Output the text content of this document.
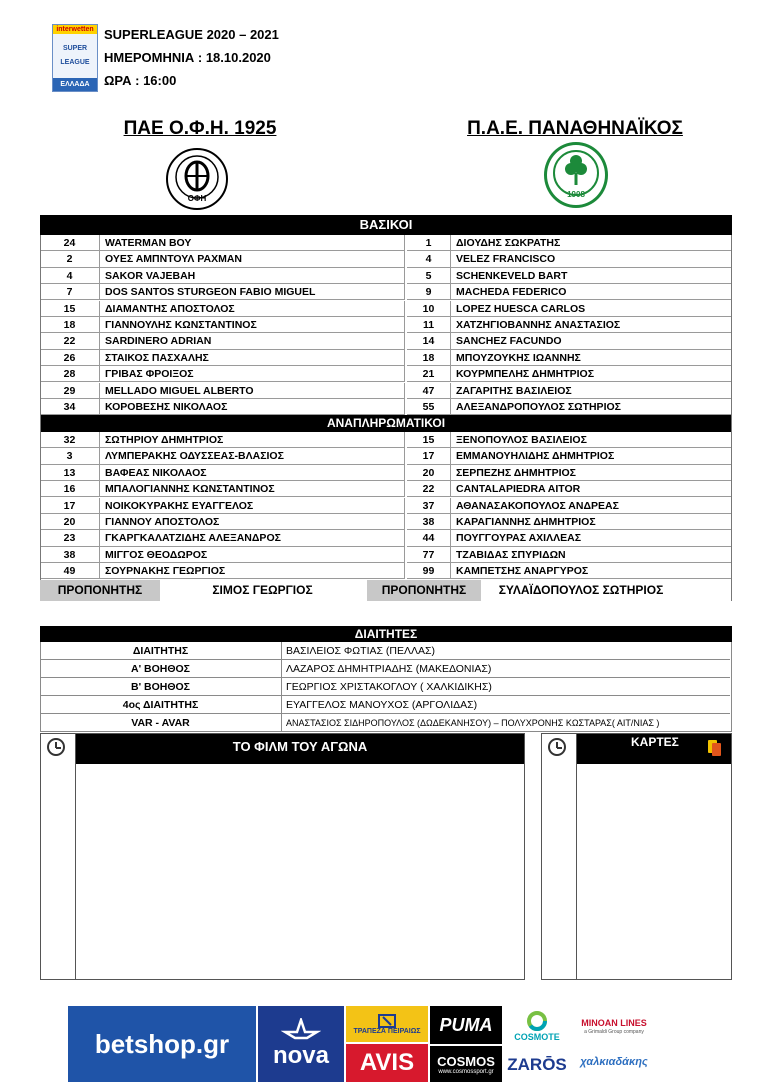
interwetten
SUPER
LEAGUE
ΕΛΛΑΔΑ
SUPERLEAGUE 2020 – 2021
ΗΜΕΡΟΜΗΝΙΑ : 18.10.2020
ΩΡΑ : 16:00
ΠΑΕ Ο.Φ.Η. 1925	Π.Α.Ε. ΠΑΝΑΘΗΝΑΪΚΟΣ
ΟΦΗ	1908
ΒΑΣΙΚΟΙ
24	WATERMAN ΒΟΥ	1	ΔΙΟΥΔΗΣ ΣΩΚΡΑΤΗΣ
2	ΟΥΕΣ ΑΜΠΝΤΟΥΛ ΡΑΧΜΑΝ	4	VELEZ FRANCISCO
4	SAKOR VAJEBAH	5	SCHENKEVELD BART
7	DOS SANTOS STURGEON FABIO MIGUEL	9	MACHEDA FEDERICO
15	ΔΙΑΜΑΝΤΗΣ ΑΠΟΣΤΟΛΟΣ	10	LOPEZ HUESCA CARLOS
18	ΓΙΑΝΝΟΥΛΗΣ ΚΩΝΣΤΑΝΤΙΝΟΣ	11	ΧΑΤΖΗΓΙΟΒΑΝΝΗΣ ΑΝΑΣΤΑΣΙΟΣ
22	SARDINERO ADRIAN	14	SANCHEZ FACUNDO
26	ΣΤΑΙΚΟΣ ΠΑΣΧΑΛΗΣ	18	ΜΠΟΥΖΟΥΚΗΣ ΙΩΑΝΝΗΣ
28	ΓΡΙΒΑΣ ΦΡΟΙΞΟΣ	21	ΚΟΥΡΜΠΕΛΗΣ ΔΗΜΗΤΡΙΟΣ
29	MELLADO MIGUEL ALBERTO	47	ΖΑΓΑΡΙΤΗΣ ΒΑΣΙΛΕΙΟΣ
34	ΚΟΡΟΒΕΣΗΣ ΝΙΚΟΛΑΟΣ	55	ΑΛΕΞΑΝΔΡΟΠΟΥΛΟΣ ΣΩΤΗΡΙΟΣ
ΑΝΑΠΛΗΡΩΜΑΤΙΚΟΙ
32	ΣΩΤΗΡΙΟΥ ΔΗΜΗΤΡΙΟΣ	15	ΞΕΝΟΠΟΥΛΟΣ ΒΑΣΙΛΕΙΟΣ
3	ΛΥΜΠΕΡΑΚΗΣ ΟΔΥΣΣΕΑΣ-ΒΛΑΣΙΟΣ	17	ΕΜΜΑΝΟΥΗΛΙΔΗΣ ΔΗΜΗΤΡΙΟΣ
13	ΒΑΦΕΑΣ ΝΙΚΟΛΑΟΣ	20	ΣΕΡΠΕΖΗΣ ΔΗΜΗΤΡΙΟΣ
16	ΜΠΑΛΟΓΙΑΝΝΗΣ ΚΩΝΣΤΑΝΤΙΝΟΣ	22	CANTALAPIEDRA AITOR
17	ΝΟΙΚΟΚΥΡΑΚΗΣ ΕΥΑΓΓΕΛΟΣ	37	ΑΘΑΝΑΣΑΚΟΠΟΥΛΟΣ ΑΝΔΡΕΑΣ
20	ΓΙΑΝΝΟΥ ΑΠΟΣΤΟΛΟΣ	38	ΚΑΡΑΓΙΑΝΝΗΣ ΔΗΜΗΤΡΙΟΣ
23	ΓΚΑΡΓΚΑΛΑΤΖΙΔΗΣ ΑΛΕΞΑΝΔΡΟΣ	44	ΠΟΥΓΓΟΥΡΑΣ ΑΧΙΛΛΕΑΣ
38	ΜΙΓΓΟΣ ΘΕΟΔΩΡΟΣ	77	ΤΖΑΒΙΔΑΣ ΣΠΥΡΙΔΩΝ
49	ΣΟΥΡΝΑΚΗΣ ΓΕΩΡΓΙΟΣ	99	ΚΑΜΠΕΤΣΗΣ ΑΝΑΡΓΥΡΟΣ
ΠΡΟΠΟΝΗΤΗΣ	ΣΙΜΟΣ ΓΕΩΡΓΙΟΣ	ΠΡΟΠΟΝΗΤΗΣ	ΣΥΛΑΪΔΟΠΟΥΛΟΣ ΣΩΤΗΡΙΟΣ
ΔΙΑΙΤΗΤΕΣ
ΔΙΑΙΤΗΤΗΣ	ΒΑΣΙΛΕΙΟΣ ΦΩΤΙΑΣ (ΠΕΛΛΑΣ)
Α' ΒΟΗΘΟΣ	ΛΑΖΑΡΟΣ ΔΗΜΗΤΡΙΑΔΗΣ (ΜΑΚΕΔΟΝΙΑΣ)
Β' ΒΟΗΘΟΣ	ΓΕΩΡΓΙΟΣ ΧΡΙΣΤΑΚΟΓΛΟΥ ( ΧΑΛΚΙΔΙΚΗΣ)
4ος ΔΙΑΙΤΗΤΗΣ	ΕΥΑΓΓΕΛΟΣ ΜΑΝΟΥΧΟΣ (ΑΡΓΟΛΙΔΑΣ)
VAR - AVAR	ΑΝΑΣΤΑΣΙΟΣ ΣΙΔΗΡΟΠΟΥΛΟΣ (ΔΩΔΕΚΑΝΗΣΟΥ) – ΠΟΛΥΧΡΟΝΗΣ ΚΩΣΤΑΡΑΣ( ΑΙΤ/ΝΙΑΣ )
ΤΟ ΦΙΛΜ ΤΟΥ ΑΓΩΝΑ	ΚΑΡΤΕΣ
betshop.gr	nova
ΤΡΑΠΕΖΑ ΠΕΙΡΑΙΩΣ
AVIS
PUMA
COSMOS
www.cosmossport.gr
COSMOTE
ZARŌS
MINOAN LINES
a Grimaldi Group company
χαλκιαδάκης
